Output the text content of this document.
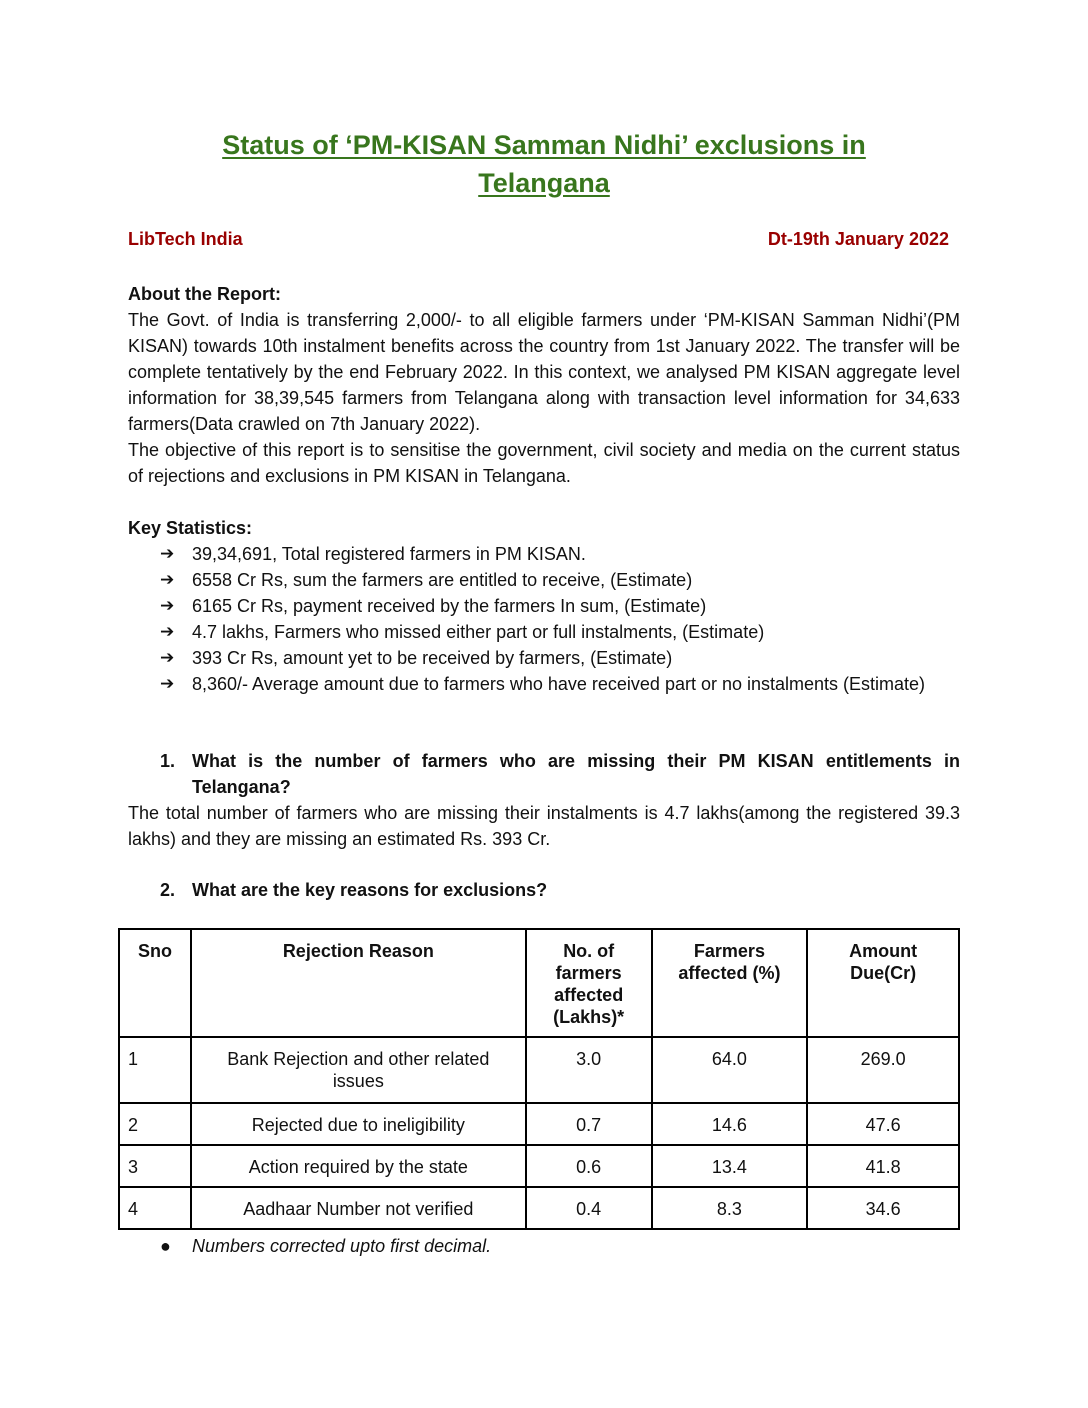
Status of ‘PM-KISAN Samman Nidhi’ exclusions in
Telangana
LibTech India	Dt-19th January 2022

About the Report:

The Govt. of India is transferring 2,000/- to all eligible farmers under ‘PM-KISAN Samman Nidhi’(PM KISAN) towards 10th instalment benefits across the country from 1st January 2022. The transfer will be complete tentatively by the end February 2022. In this context, we analysed PM KISAN aggregate level information for 38,39,545 farmers from Telangana along with transaction level information for 34,633 farmers(Data crawled on 7th January 2022).

The objective of this report is to sensitise the government, civil society and media on the current status of rejections and exclusions in PM KISAN in Telangana.

Key Statistics:
➔ 39,34,691, Total registered farmers in PM KISAN.
➔ 6558 Cr Rs, sum the farmers are entitled to receive, (Estimate)
➔ 6165 Cr Rs, payment received by the farmers In sum, (Estimate)
➔ 4.7 lakhs, Farmers who missed either part or full instalments, (Estimate)
➔ 393 Cr Rs, amount yet to be received by farmers, (Estimate)
➔ 8,360/- Average amount due to farmers who have received part or no instalments (Estimate)
1. What is the number of farmers who are missing their PM KISAN entitlements in Telangana?
The total number of farmers who are missing their instalments is 4.7 lakhs(among the registered 39.3 lakhs) and they are missing an estimated Rs. 393 Cr.
2. What are the key reasons for exclusions?
Sno	Rejection Reason	No. of farmers affected (Lakhs)*	Farmers affected (%)	Amount Due(Cr)
1	Bank Rejection and other related issues	3.0	64.0	269.0
2	Rejected due to ineligibility	0.7	14.6	47.6
3	Action required by the state	0.6	13.4	41.8
4	Aadhaar Number not verified	0.4	8.3	34.6
● Numbers corrected upto first decimal.
